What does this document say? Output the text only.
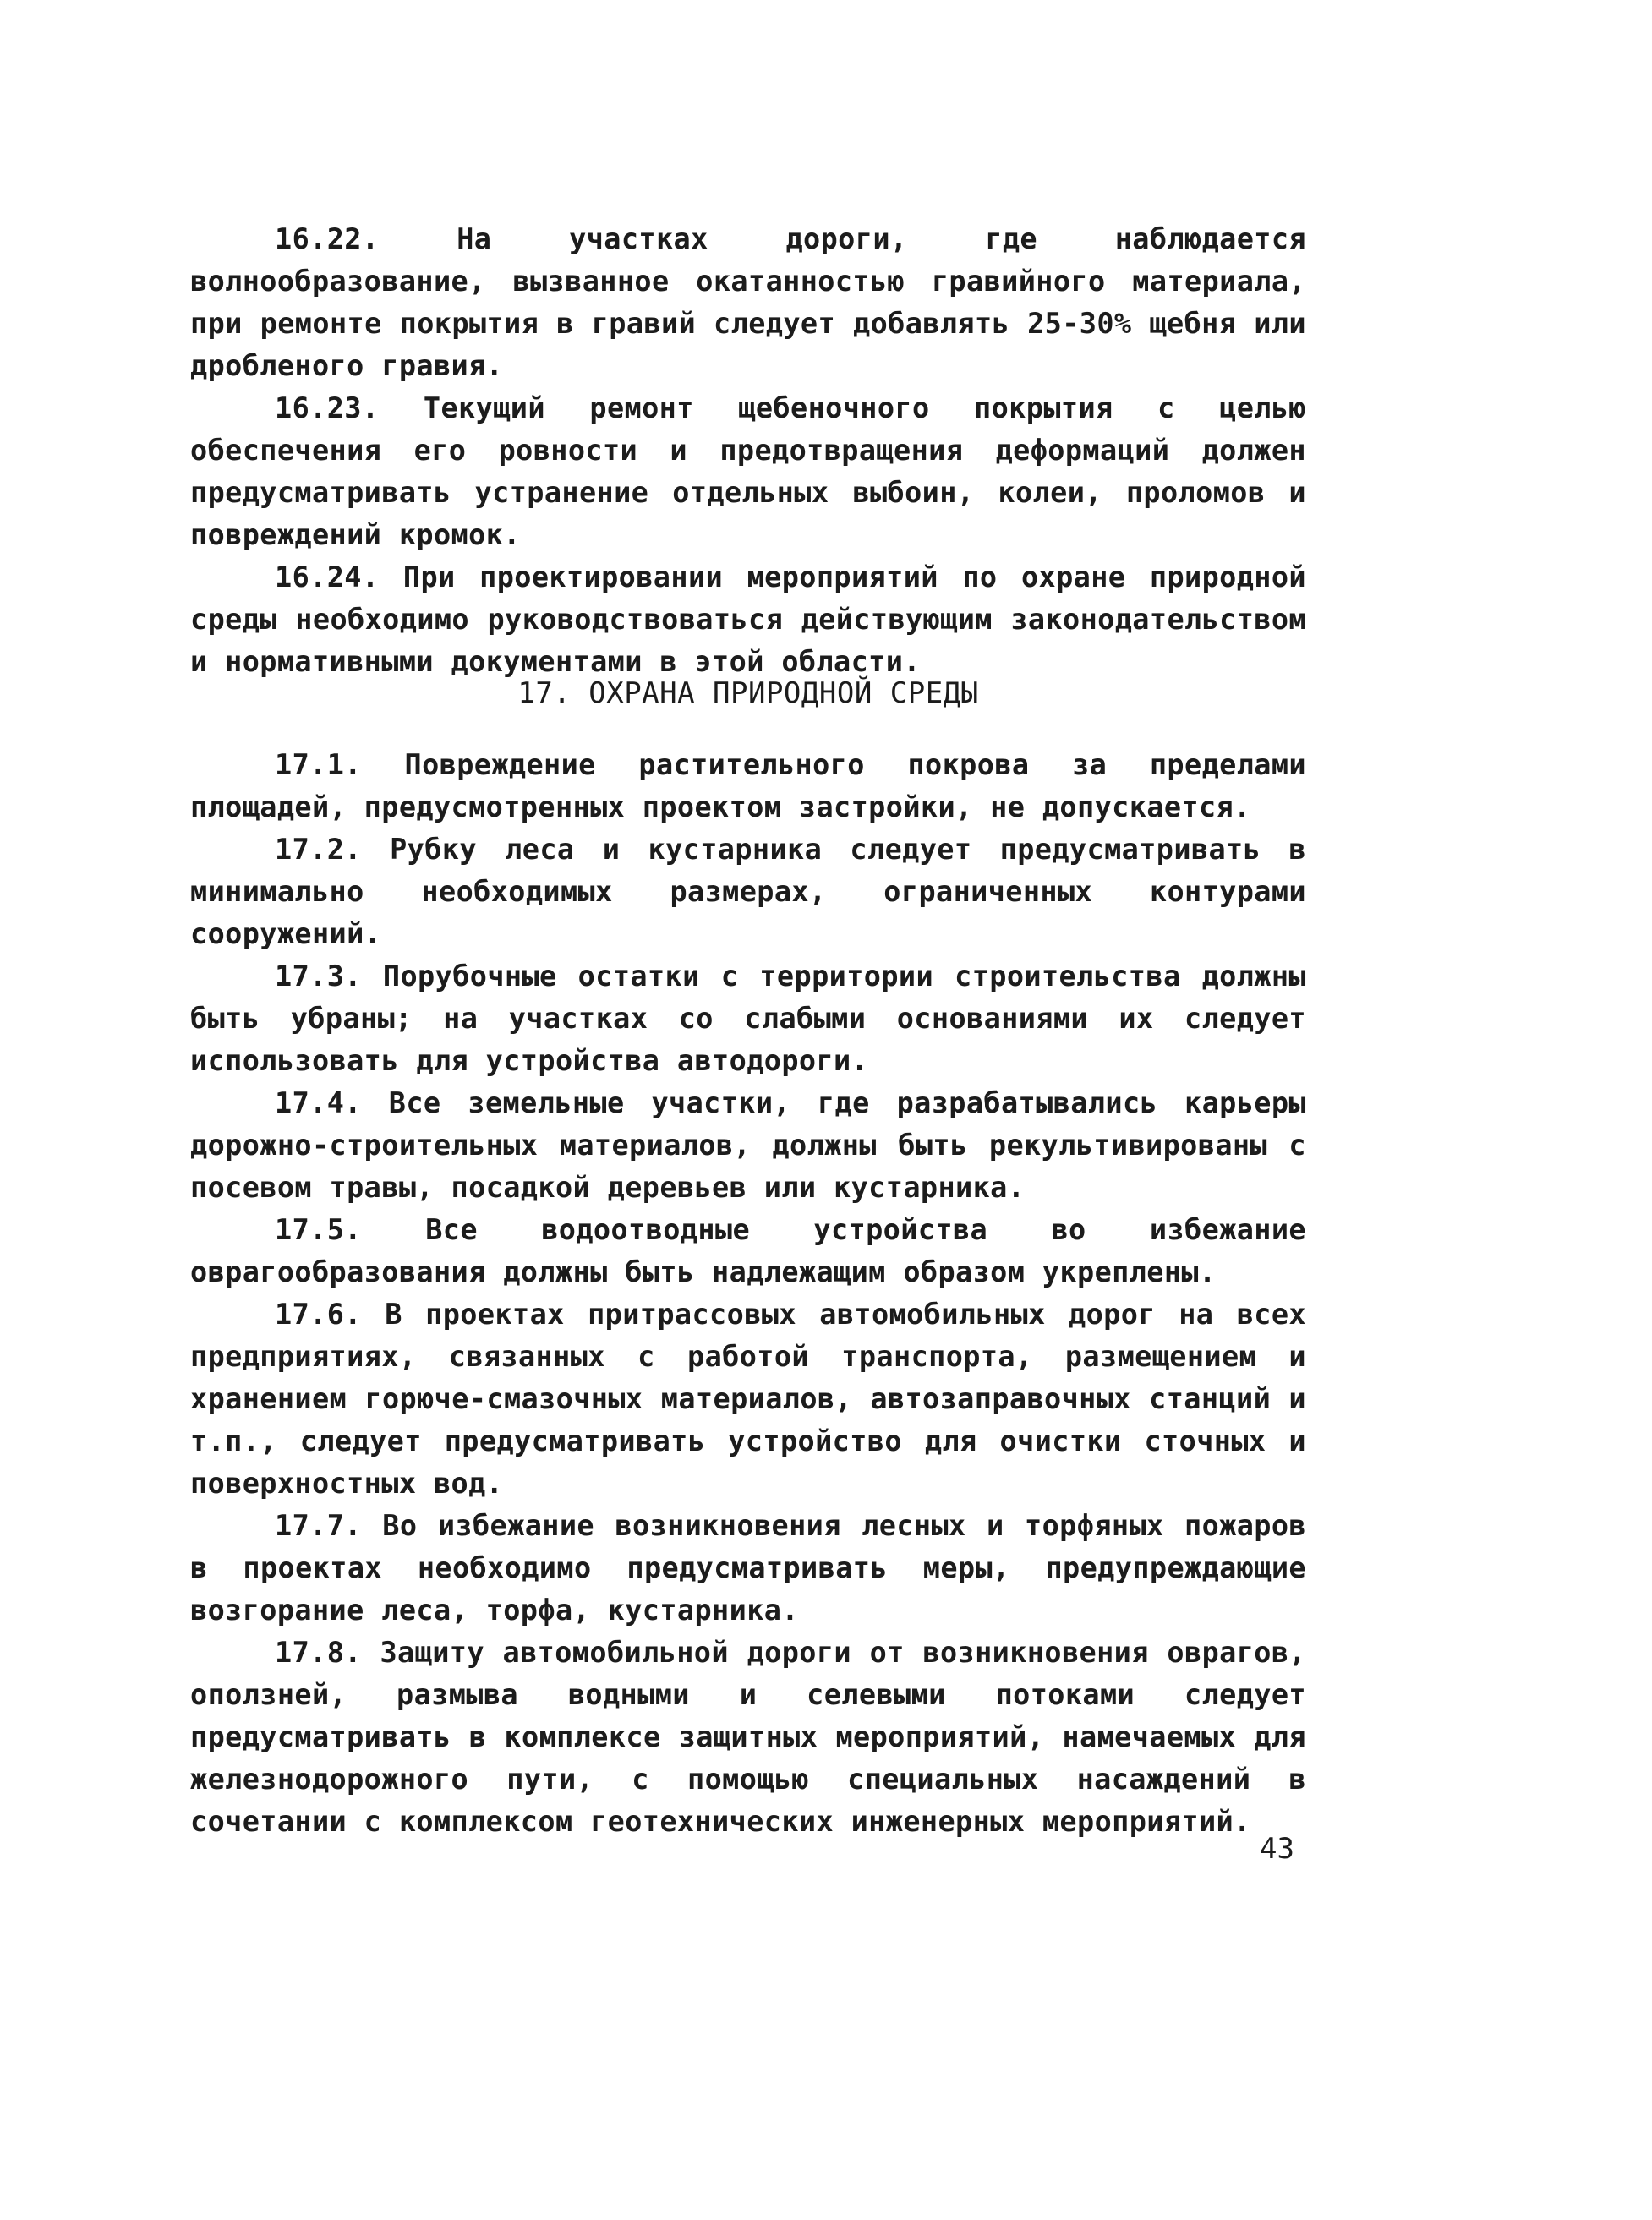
16.22.	На участках дороги, где наблюдается волнообразование, вызванное окатанностью гравийного материала, при ремонте покрытия в гравий следует добавлять 25-30% щебня или дробленого гравия.

16.23. Текущий ремонт щебеночного покрытия с целью обеспечения его ровности и предотвращения деформаций должен предусматривать устранение отдельных выбоин, колеи, проломов и повреждений кромок.

16.24. При проектировании мероприятий по охране природной среды необходимо руководствоваться действующим законодательством и нормативными документами в этой области.

17. ОХРАНА ПРИРОДНОЙ СРЕДЫ

17.1. Повреждение растительного покрова за пределами площадей, предусмотренных проектом застройки, не допускается.

17.2. Рубку леса и кустарника следует предусматривать в минимально необходимых размерах, ограниченных контурами сооружений.

17.3. Порубочные остатки с территории строительства должны быть убраны; на участках со слабыми основаниями их следует использовать для устройства автодороги.

17.4. Все земельные участки, где разрабатывались карьеры дорожно-строительных материалов, должны быть рекультивированы с посевом травы, посадкой деревьев или кустарника.

17.5. Все водоотводные устройства во избежание оврагообразования должны быть надлежащим образом укреплены.

17.6. В проектах притрассовых автомобильных дорог на всех предприятиях, связанных с работой транспорта, размещением и хранением горюче-смазочных материалов, автозаправочных станций и т.п., следует предусматривать устройство для очистки сточных и поверхностных вод.

17.7. Во избежание возникновения лесных и торфяных пожаров в проектах необходимо предусматривать меры, предупреждающие возгорание леса, торфа, кустарника.

17.8. Защиту автомобильной дороги от возникновения оврагов, оползней, размыва водными и селевыми потоками следует предусматривать в комплексе защитных мероприятий, намечаемых для железнодорожного пути, с помощью специальных насаждений в сочетании с комплексом геотехнических инженерных мероприятий.

43
